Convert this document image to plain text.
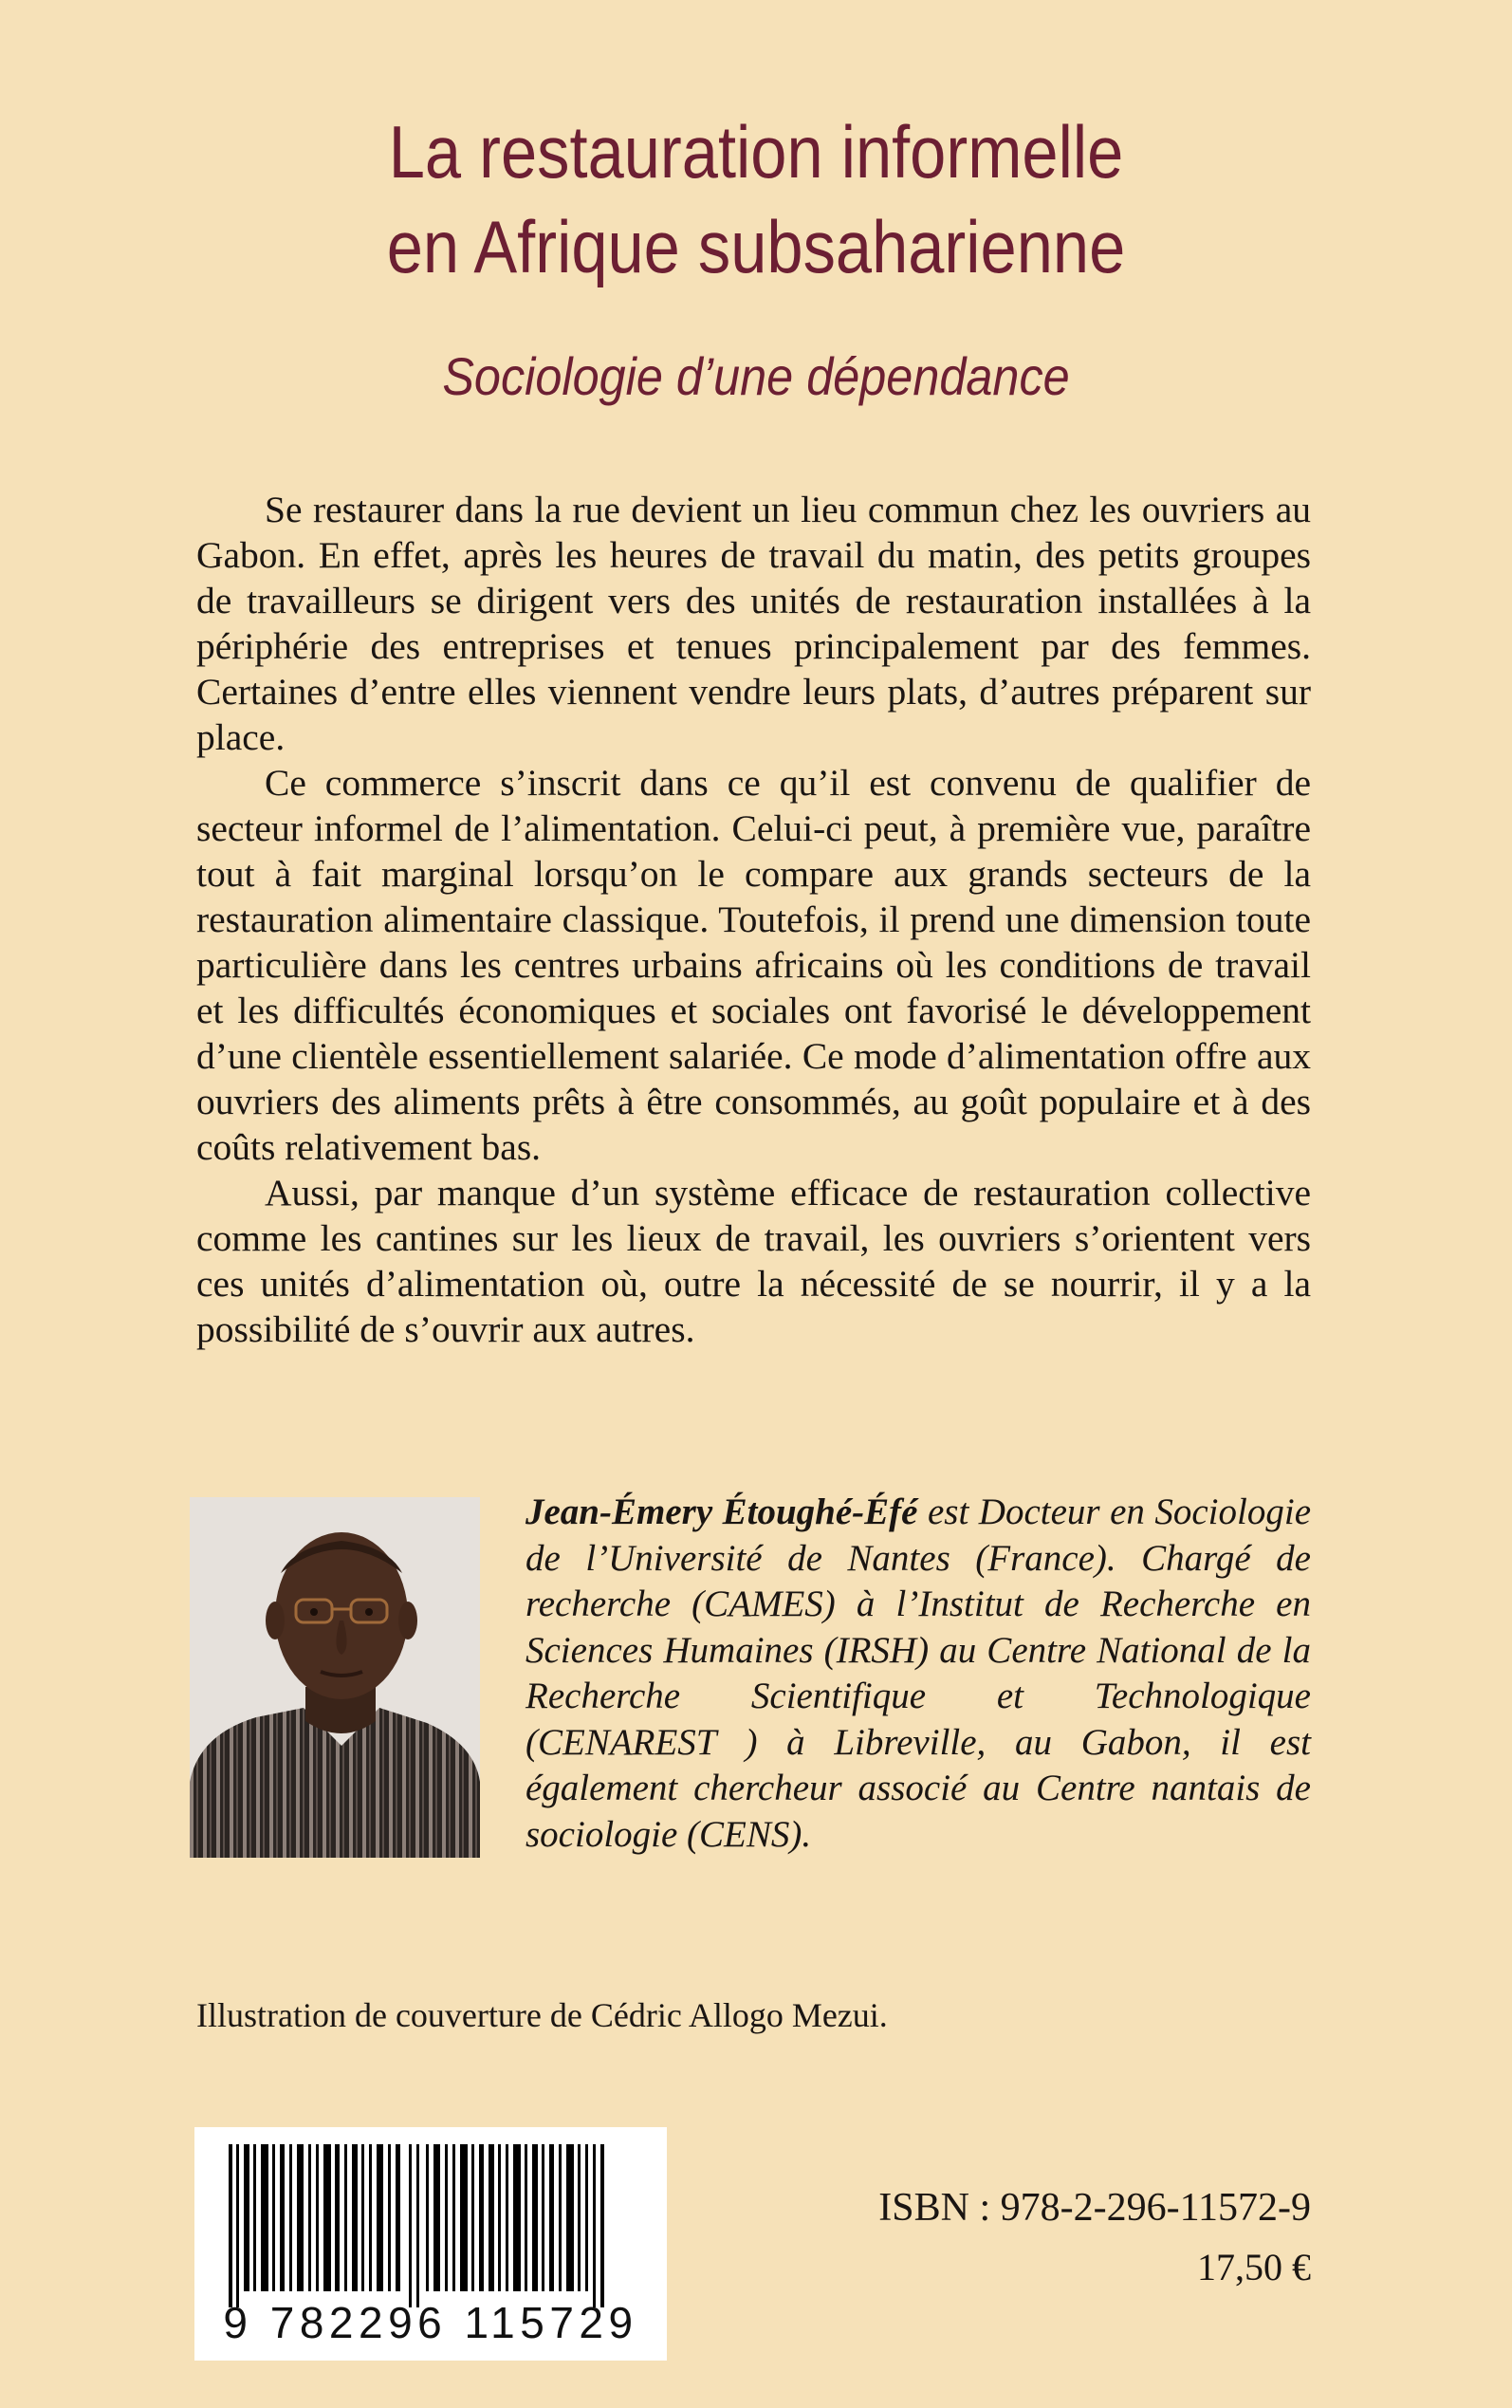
La restauration informelle
en Afrique subsaharienne
Sociologie d’une dépendance

Se restaurer dans la rue devient un lieu commun chez les ouvriers au Gabon. En effet, après les heures de travail du matin, des petits groupes de travailleurs se dirigent vers des unités de restauration installées à la périphérie des entreprises et tenues principalement par des femmes. Certaines d’entre elles viennent vendre leurs plats, d’autres préparent sur place.

Ce commerce s’inscrit dans ce qu’il est convenu de qualifier de secteur informel de l’alimentation. Celui-ci peut, à première vue, paraître tout à fait marginal lorsqu’on le compare aux grands secteurs de la restauration alimentaire classique. Toutefois, il prend une dimension toute particulière dans les centres urbains africains où les conditions de travail et les difficultés économiques et sociales ont favorisé le développement d’une clientèle essentiellement salariée. Ce mode d’alimentation offre aux ouvriers des aliments prêts à être consommés, au goût populaire et à des coûts relativement bas.

Aussi, par manque d’un système efficace de restauration collective comme les cantines sur les lieux de travail, les ouvriers s’orientent vers ces unités d’alimentation où, outre la nécessité de se nourrir, il y a la possibilité de s’ouvrir aux autres.

Jean-Émery Étoughé-Éfé est Docteur en Sociologie de l’Université de Nantes (France). Chargé de recherche (CAMES) à l’Institut de Recherche en Sciences Humaines (IRSH) au Centre National de la Recherche Scientifique et Technologique (CENAREST ) à Libreville, au Gabon, il est également chercheur associé au Centre nantais de sociologie (CENS).
Illustration de couverture de Cédric Allogo Mezui.
9 782296 115729
ISBN : 978-2-296-11572-9
17,50 €
